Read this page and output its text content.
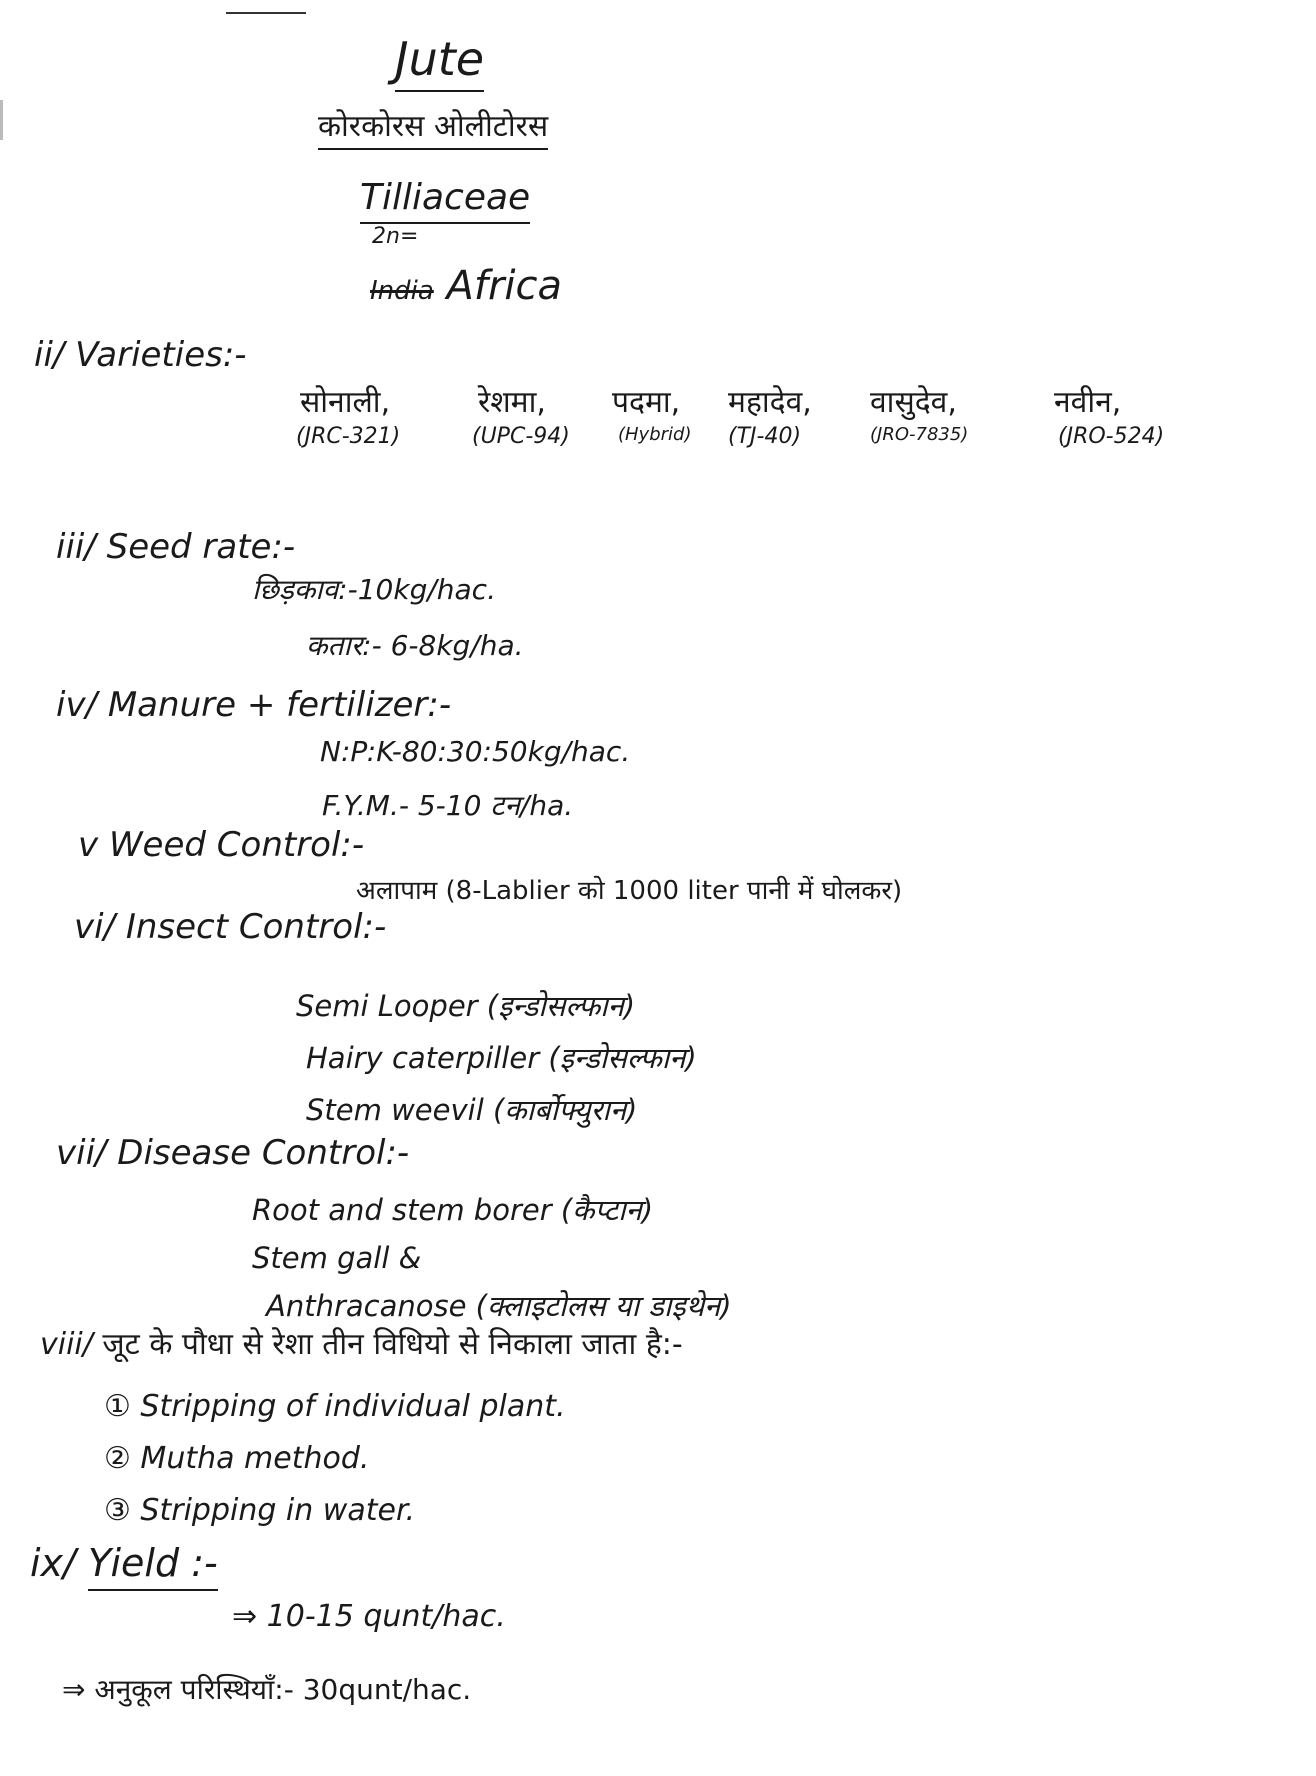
Jute
कोरकोरस ओलीटोरस
Tilliaceae
2n=
India Africa
ii/ Varieties:-
सोनाली,
(JRC-321)
रेशमा,
(UPC-94)
पदमा,
(Hybrid)
महादेव,
(TJ-40)
वासुदेव,
(JRO-7835)
नवीन,
(JRO-524)
iii/ Seed rate:-
छिड़काव:-10kg/hac.
कतार:- 6-8kg/ha.
iv/ Manure + fertilizer:-
N:P:K-80:30:50kg/hac.
F.Y.M.- 5-10 टन/ha.
v Weed Control:-
अलापाम (8-Lablier को 1000 liter पानी में घोलकर)
vi/ Insect Control:-
Semi Looper (इन्डोसल्फान)
Hairy caterpiller (इन्डोसल्फान)
Stem weevil (कार्बोफ्युरान)
vii/ Disease Control:-
Root and stem borer (कैप्टान)
Stem gall &
Anthracanose (क्लाइटोलस या डाइथेन)
viii/ जूट के पौधा से रेशा तीन विधियो से निकाला जाता है:-
① Stripping of individual plant.
② Mutha method.
③ Stripping in water.
ix/ Yield :-
⇒ 10-15 qunt/hac.
⇒ अनुकूल परिस्थियाँ:- 30qunt/hac.
